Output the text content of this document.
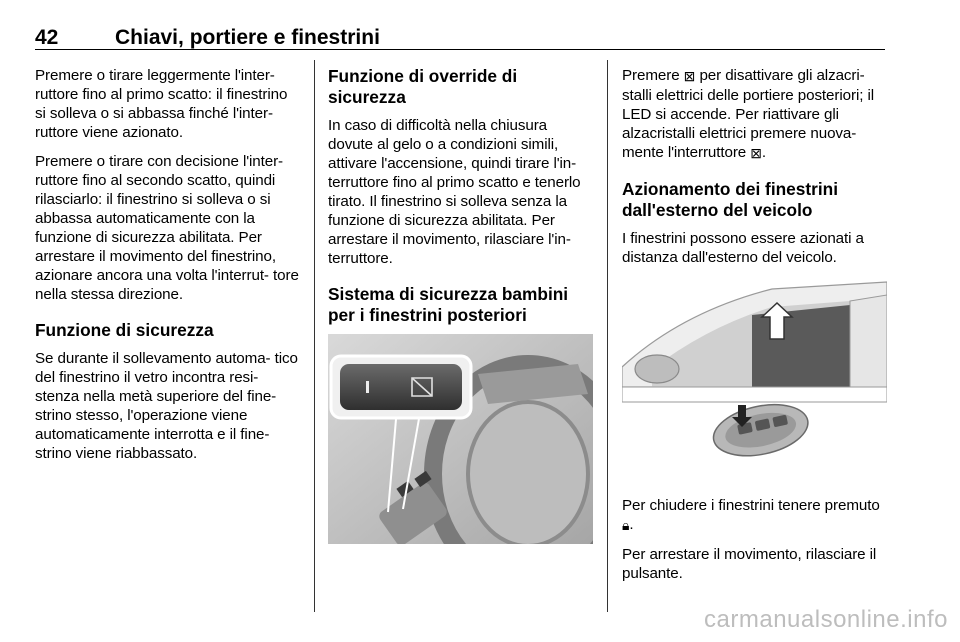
42	Chiavi, portiere e finestrini

Premere o tirare leggermente l'inter- ruttore fino al primo scatto: il finestrino si solleva o si abbassa finché l'inter- ruttore viene azionato.

Premere o tirare con decisione l'inter- ruttore fino al secondo scatto, quindi rilasciarlo: il finestrino si solleva o si abbassa automaticamente con la funzione di sicurezza abilitata. Per arrestare il movimento del finestrino, azionare ancora una volta l'interrut- tore nella stessa direzione.

Funzione di sicurezza

Se durante il sollevamento automa- tico del finestrino il vetro incontra resi- stenza nella metà superiore del fine- strino stesso, l'operazione viene automaticamente interrotta e il fine- strino viene riabbassato.

Funzione di override di sicurezza

In caso di difficoltà nella chiusura dovute al gelo o a condizioni simili, attivare l'accensione, quindi tirare l'in- terruttore fino al primo scatto e tenerlo tirato. Il finestrino si solleva senza la funzione di sicurezza abilitata. Per arrestare il movimento, rilasciare l'in- terruttore.

Sistema di sicurezza bambini per i finestrini posteriori

Premere ⊠ per disattivare gli alzacri- stalli elettrici delle portiere posteriori; il LED si accende. Per riattivare gli alzacristalli elettrici premere nuova- mente l'interruttore ⊠.

Azionamento dei finestrini dall'esterno del veicolo

I finestrini possono essere azionati a distanza dall'esterno del veicolo.

Per chiudere i finestrini tenere premuto 🔒︎.

Per arrestare il movimento, rilasciare il pulsante.

carmanualsonline.info
